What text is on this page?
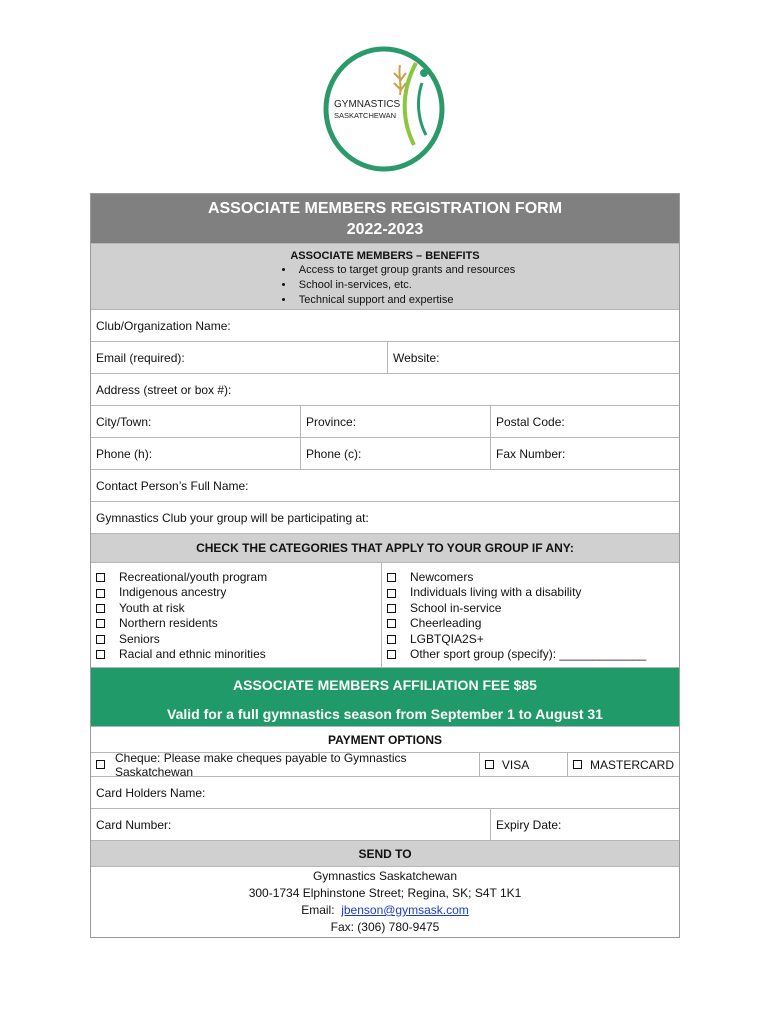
GYMNASTICS
SASKATCHEWAN
ASSOCIATE MEMBERS REGISTRATION FORM
2022-2023
ASSOCIATE MEMBERS – BENEFITS
• Access to target group grants and resources
• School in-services, etc.
• Technical support and expertise
Club/Organization Name:
Email (required):	Website:
Address (street or box #):
City/Town:	Province:	Postal Code:
Phone (h):	Phone (c):	Fax Number:
Contact Person’s Full Name:
Gymnastics Club your group will be participating at:
CHECK THE CATEGORIES THAT APPLY TO YOUR GROUP IF ANY:
Recreational/youth program
Indigenous ancestry
Youth at risk
Northern residents
Seniors
Racial and ethnic minorities
Newcomers
Individuals living with a disability
School in-service
Cheerleading
LGBTQIA2S+
Other sport group (specify): _____________
ASSOCIATE MEMBERS AFFILIATION FEE $85
Valid for a full gymnastics season from September 1 to August 31
PAYMENT OPTIONS
Cheque: Please make cheques payable to Gymnastics Saskatchewan	VISA	MASTERCARD
Card Holders Name:
Card Number:	Expiry Date:
SEND TO
Gymnastics Saskatchewan
300-1734 Elphinstone Street; Regina, SK; S4T 1K1
Email: jbenson@gymsask.com
Fax: (306) 780-9475
